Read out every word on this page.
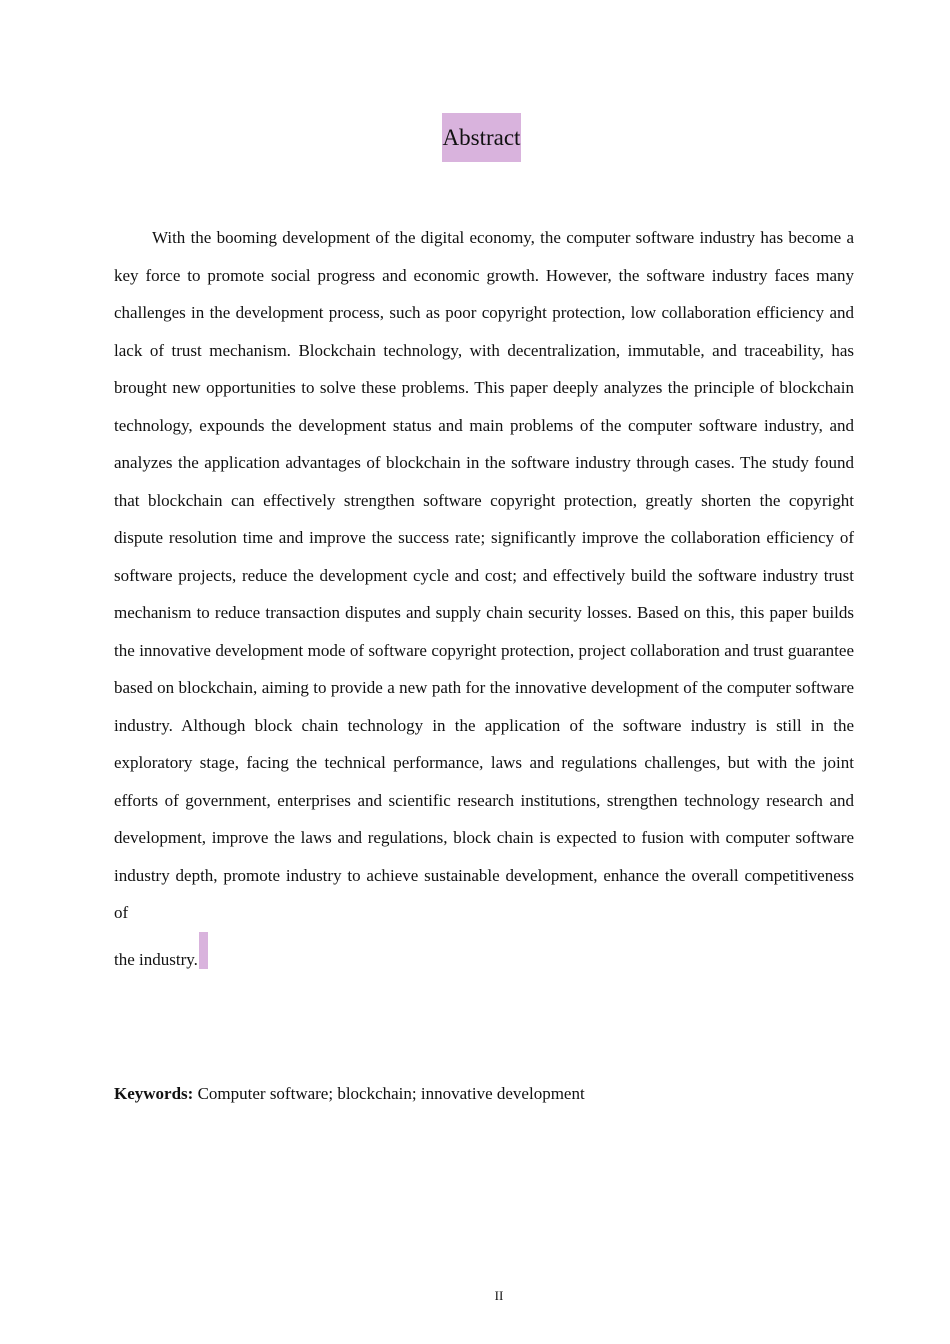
Abstract

With the booming development of the digital economy, the computer software industry has become a key force to promote social progress and economic growth. However, the software industry faces many challenges in the development process, such as poor copyright protection, low collaboration efficiency and lack of trust mechanism. Blockchain technology, with decentralization, immutable, and traceability, has brought new opportunities to solve these problems. This paper deeply analyzes the principle of blockchain technology, expounds the development status and main problems of the computer software industry, and analyzes the application advantages of blockchain in the software industry through cases. The study found that blockchain can effectively strengthen software copyright protection, greatly shorten the copyright dispute resolution time and improve the success rate; significantly improve the collaboration efficiency of software projects, reduce the development cycle and cost; and effectively build the software industry trust mechanism to reduce transaction disputes and supply chain security losses. Based on this, this paper builds the innovative development mode of software copyright protection, project collaboration and trust guarantee based on blockchain, aiming to provide a new path for the innovative development of the computer software industry. Although block chain technology in the application of the software industry is still in the exploratory stage, facing the technical performance, laws and regulations challenges, but with the joint efforts of government, enterprises and scientific research institutions, strengthen technology research and development, improve the laws and regulations, block chain is expected to fusion with computer software industry depth, promote industry to achieve sustainable development, enhance the overall competitiveness of
the industry.

Keywords: Computer software; blockchain; innovative development

II
